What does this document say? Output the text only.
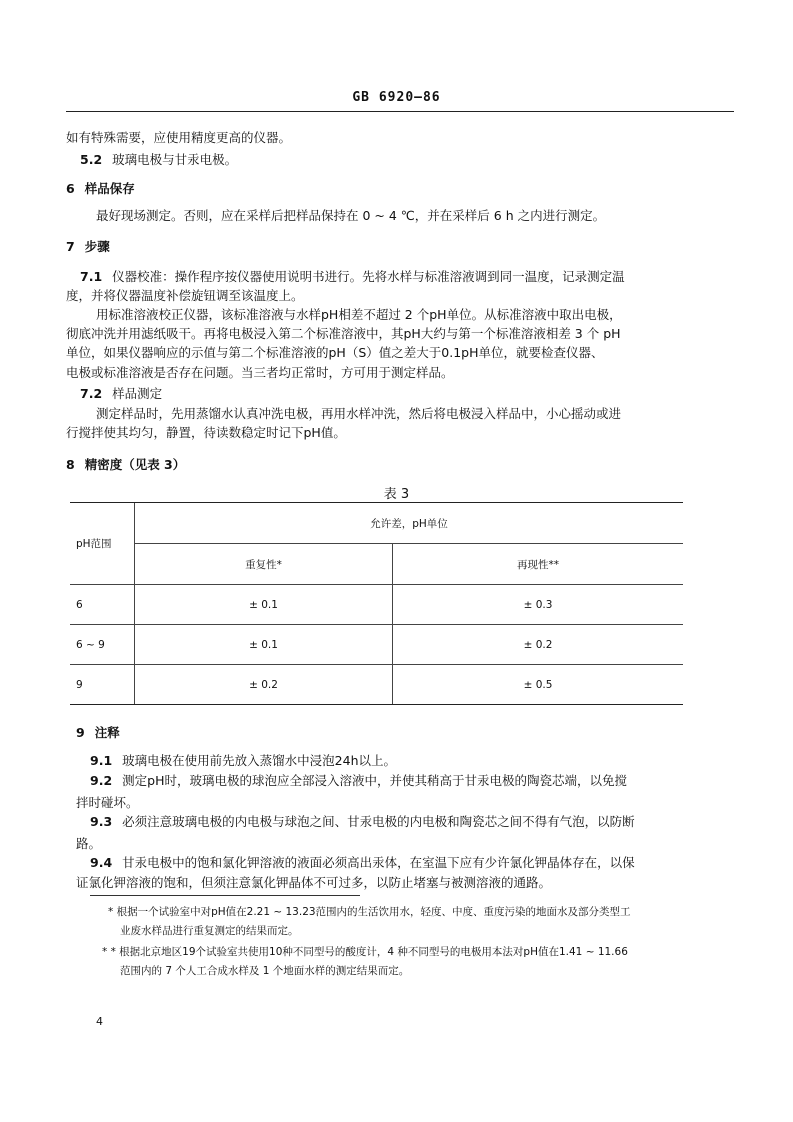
GB 6920—86
如有特殊需要，应使用精度更高的仪器。
5.2 玻璃电极与甘汞电极。
6 样品保存
最好现场测定。否则，应在采样后把样品保持在 0 ~ 4 ℃，并在采样后 6 h 之内进行测定。
7 步骤
7.1 仪器校准：操作程序按仪器使用说明书进行。先将水样与标准溶液调到同一温度，记录测定温
度，并将仪器温度补偿旋钮调至该温度上。
用标准溶液校正仪器，该标准溶液与水样pH相差不超过 2 个pH单位。从标准溶液中取出电极，
彻底冲洗并用滤纸吸干。再将电极浸入第二个标准溶液中，其pH大约与第一个标准溶液相差 3 个 pH
单位，如果仪器响应的示值与第二个标准溶液的pH（S）值之差大于0.1pH单位，就要检查仪器、
电极或标准溶液是否存在问题。当三者均正常时，方可用于测定样品。
7.2 样品测定
测定样品时，先用蒸馏水认真冲洗电极，再用水样冲洗，然后将电极浸入样品中，小心摇动或进
行搅拌使其均匀，静置，待读数稳定时记下pH值。
8 精密度（见表 3）
表 3
pH范围	允许差，pH单位	
	重复性*	再现性**
6	± 0.1	± 0.3
6 ~ 9	± 0.1	± 0.2
9	± 0.2	± 0.5
9 注释
9.1 玻璃电极在使用前先放入蒸馏水中浸泡24h以上。
9.2 测定pH时，玻璃电极的球泡应全部浸入溶液中，并使其稍高于甘汞电极的陶瓷芯端，以免搅
拌时碰坏。
9.3 必须注意玻璃电极的内电极与球泡之间、甘汞电极的内电极和陶瓷芯之间不得有气泡，以防断
路。
9.4 甘汞电极中的饱和氯化钾溶液的液面必须高出汞体，在室温下应有少许氯化钾晶体存在，以保
证氯化钾溶液的饱和，但须注意氯化钾晶体不可过多，以防止堵塞与被测溶液的通路。
* 根据一个试验室中对pH值在2.21 ~ 13.23范围内的生活饮用水，轻度、中度、重度污染的地面水及部分类型工
业废水样品进行重复测定的结果而定。
* * 根据北京地区19个试验室共使用10种不同型号的酸度计，4 种不同型号的电极用本法对pH值在1.41 ~ 11.66
范围内的 7 个人工合成水样及 1 个地面水样的测定结果而定。
4
